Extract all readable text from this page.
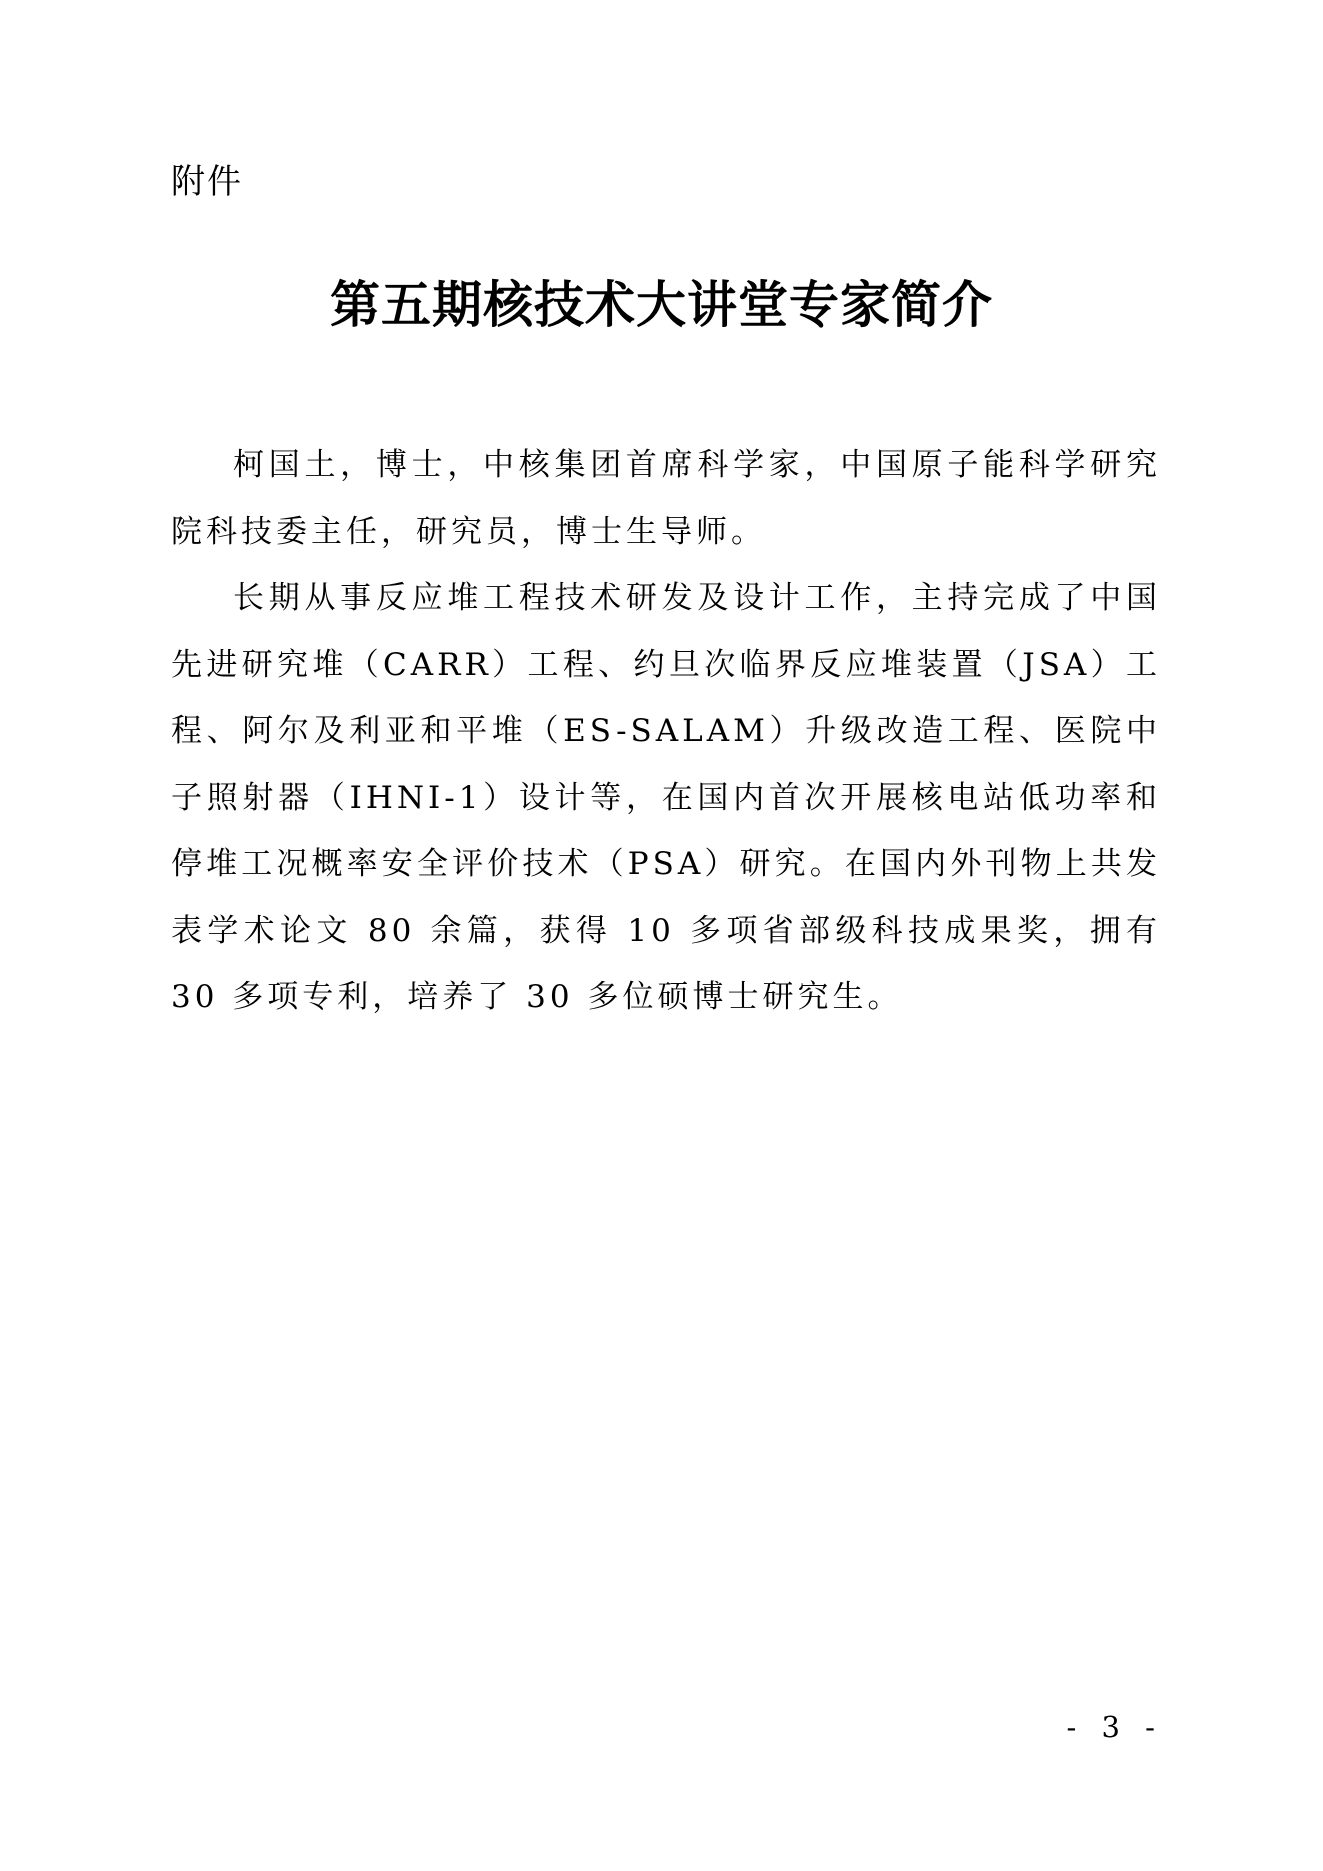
附件
第五期核技术大讲堂专家简介

柯国土，博士，中核集团首席科学家，中国原子能科学研究院科技委主任，研究员，博士生导师。

长期从事反应堆工程技术研发及设计工作，主持完成了中国先进研究堆（CARR）工程、约旦次临界反应堆装置（JSA）工程、阿尔及利亚和平堆（ES-SALAM）升级改造工程、医院中子照射器（IHNI-1）设计等，在国内首次开展核电站低功率和停堆工况概率安全评价技术（PSA）研究。在国内外刊物上共发表学术论文 80 余篇，获得 10 多项省部级科技成果奖，拥有 30 多项专利，培养了 30 多位硕博士研究生。

- 3 -
